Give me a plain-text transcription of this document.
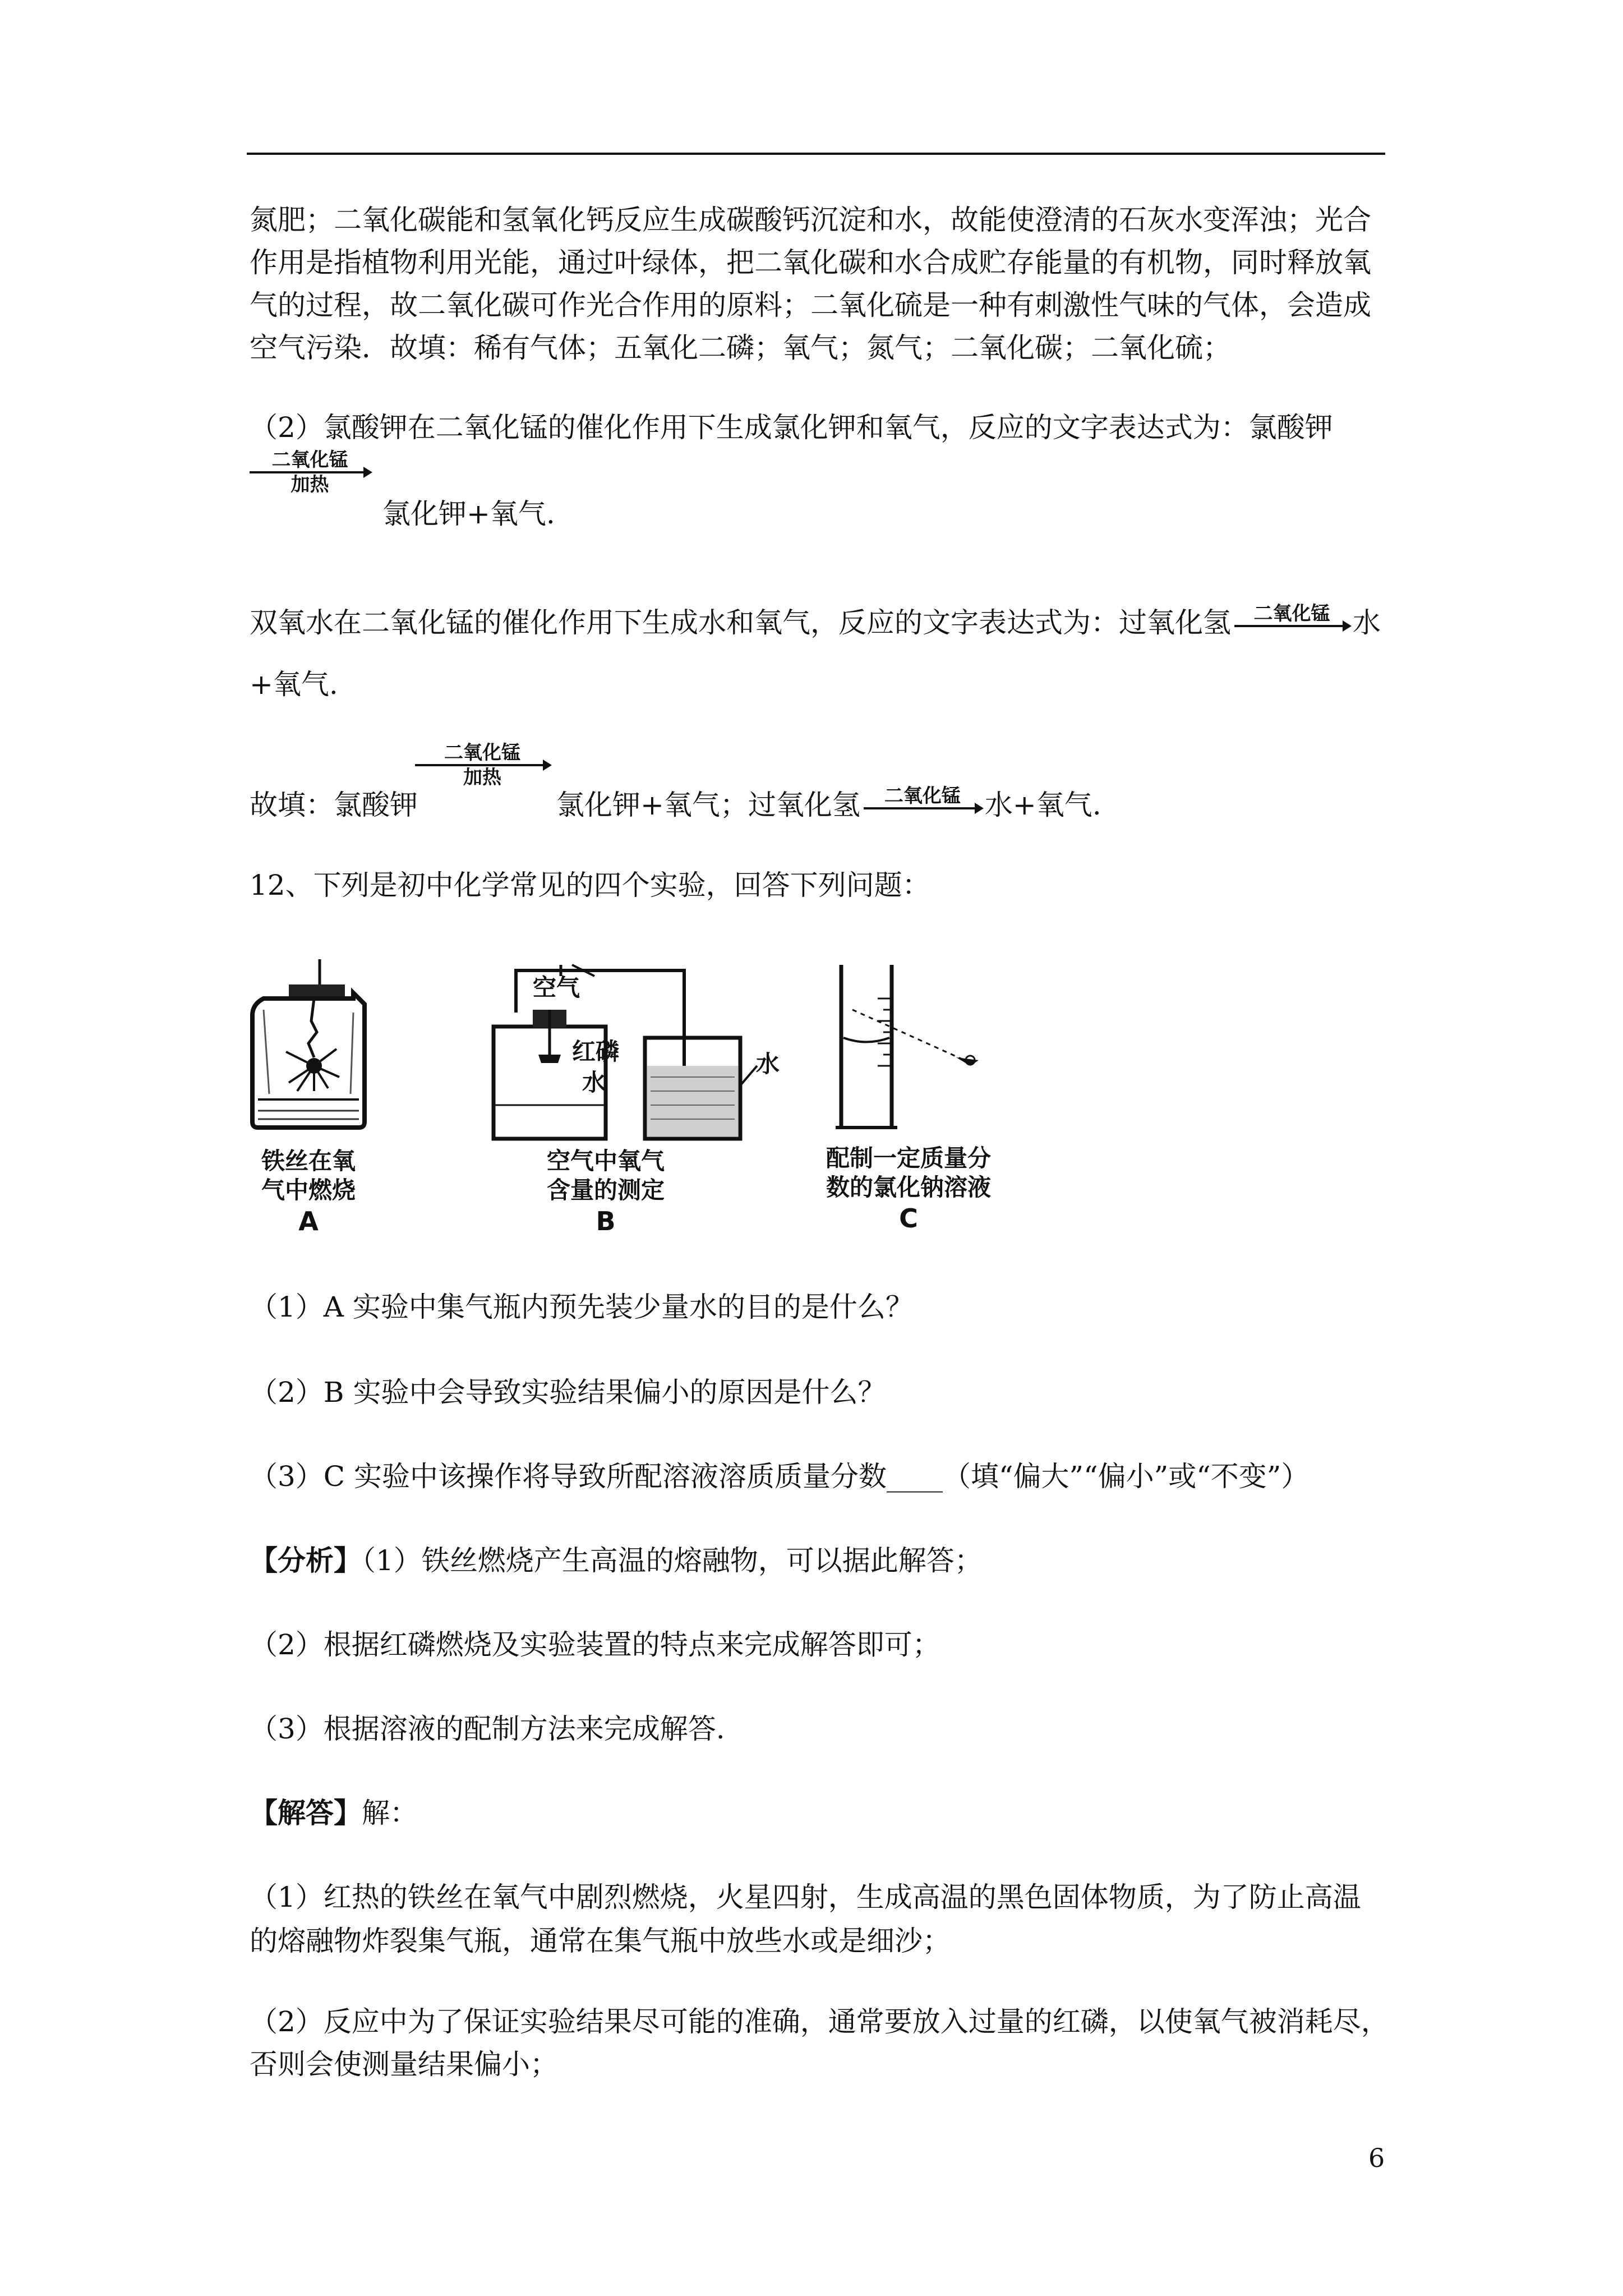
氮肥；二氧化碳能和氢氧化钙反应生成碳酸钙沉淀和水，故能使澄清的石灰水变浑浊；光合
作用是指植物利用光能，通过叶绿体，把二氧化碳和水合成贮存能量的有机物，同时释放氧
气的过程，故二氧化碳可作光合作用的原料；二氧化硫是一种有刺激性气味的气体，会造成
空气污染．故填：稀有气体；五氧化二磷；氧气；氮气；二氧化碳；二氧化硫；
（2）氯酸钾在二氧化锰的催化作用下生成氯化钾和氧气，反应的文字表达式为：氯酸钾
二氧化锰
加热
氯化钾+氧气.
双氧水在二氧化锰的催化作用下生成水和氧气，反应的文字表达式为：过氧化氢	二氧化锰 水
+氧气.
二氧化锰
加热
故填：氯酸钾	氯化钾+氧气；过氧化氢	二氧化锰 水+氧气.
12、下列是初中化学常见的四个实验，回答下列问题：
铁丝在氧
气中燃烧
A
空气
红磷
水
水
空气中氧气
含量的测定
B
配制一定质量分
数的氯化钠溶液
C
（1）A 实验中集气瓶内预先装少量水的目的是什么？
（2）B 实验中会导致实验结果偏小的原因是什么？
（3）C 实验中该操作将导致所配溶液溶质质量分数____（填“偏大”“偏小”或“不变”）
【分析】（1）铁丝燃烧产生高温的熔融物，可以据此解答；
（2）根据红磷燃烧及实验装置的特点来完成解答即可；
（3）根据溶液的配制方法来完成解答.
【解答】解：
（1）红热的铁丝在氧气中剧烈燃烧，火星四射，生成高温的黑色固体物质，为了防止高温
的熔融物炸裂集气瓶，通常在集气瓶中放些水或是细沙；
（2）反应中为了保证实验结果尽可能的准确，通常要放入过量的红磷，以使氧气被消耗尽，
否则会使测量结果偏小；
6
